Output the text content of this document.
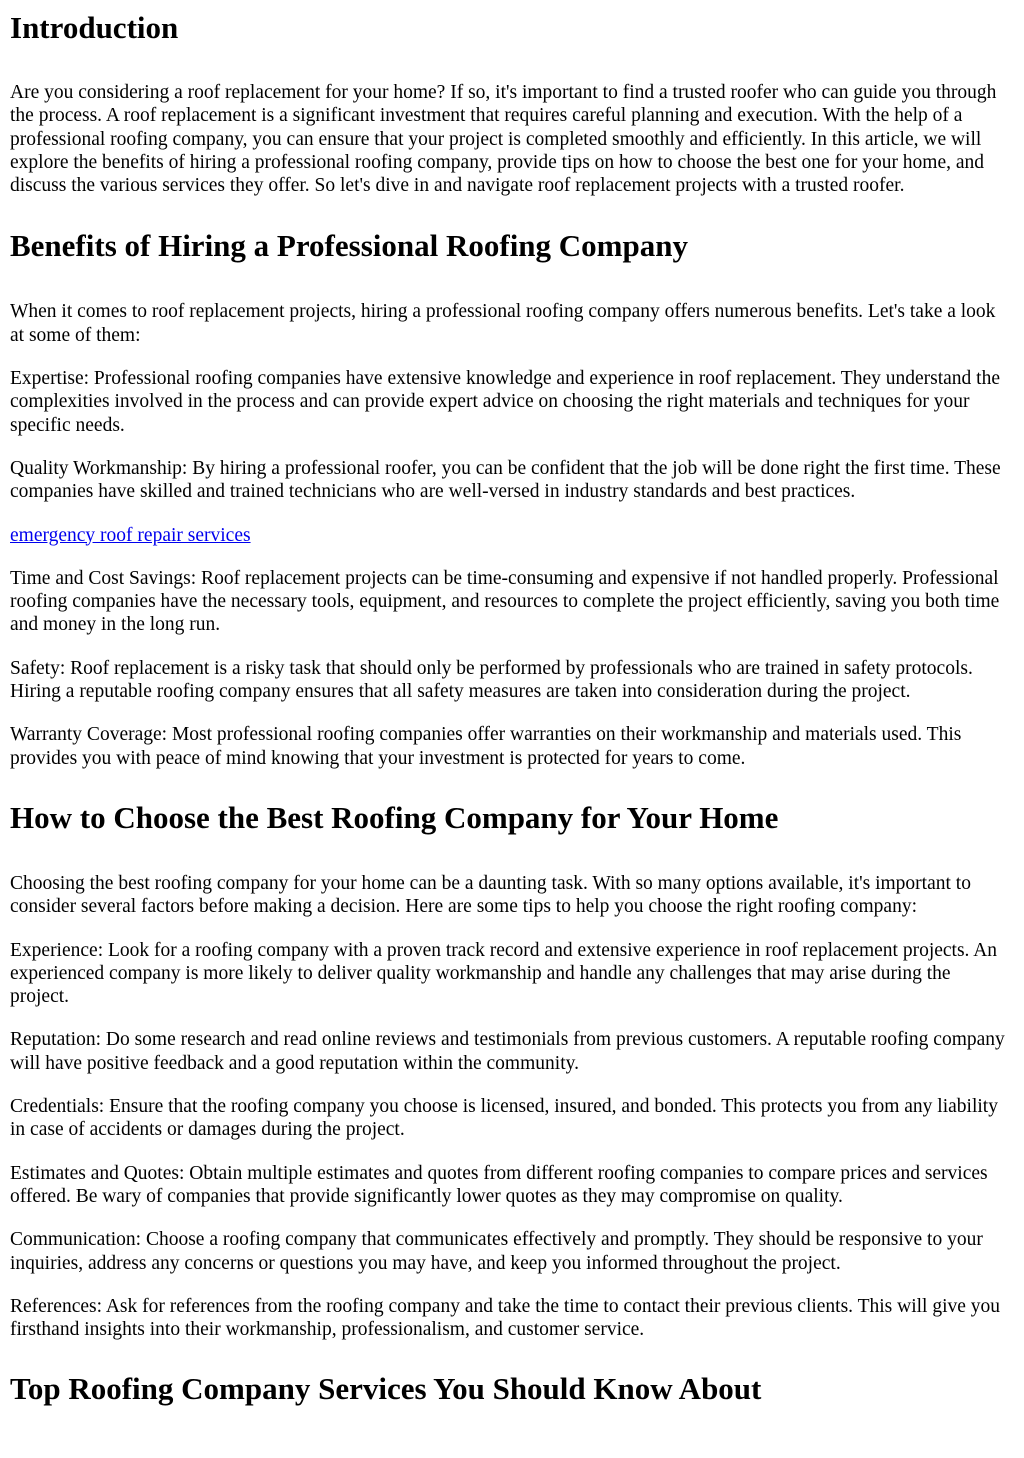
Introduction

Are you considering a roof replacement for your home? If so, it's important to find a trusted roofer who can guide you through the process. A roof replacement is a significant investment that requires careful planning and execution. With the help of a professional roofing company, you can ensure that your project is completed smoothly and efficiently. In this article, we will explore the benefits of hiring a professional roofing company, provide tips on how to choose the best one for your home, and discuss the various services they offer. So let's dive in and navigate roof replacement projects with a trusted roofer.

Benefits of Hiring a Professional Roofing Company

When it comes to roof replacement projects, hiring a professional roofing company offers numerous benefits. Let's take a look at some of them:

Expertise: Professional roofing companies have extensive knowledge and experience in roof replacement. They understand the complexities involved in the process and can provide expert advice on choosing the right materials and techniques for your specific needs.

Quality Workmanship: By hiring a professional roofer, you can be confident that the job will be done right the first time. These companies have skilled and trained technicians who are well-versed in industry standards and best practices.

emergency roof repair services

Time and Cost Savings: Roof replacement projects can be time-consuming and expensive if not handled properly. Professional roofing companies have the necessary tools, equipment, and resources to complete the project efficiently, saving you both time and money in the long run.

Safety: Roof replacement is a risky task that should only be performed by professionals who are trained in safety protocols. Hiring a reputable roofing company ensures that all safety measures are taken into consideration during the project.

Warranty Coverage: Most professional roofing companies offer warranties on their workmanship and materials used. This provides you with peace of mind knowing that your investment is protected for years to come.

How to Choose the Best Roofing Company for Your Home

Choosing the best roofing company for your home can be a daunting task. With so many options available, it's important to consider several factors before making a decision. Here are some tips to help you choose the right roofing company:

Experience: Look for a roofing company with a proven track record and extensive experience in roof replacement projects. An experienced company is more likely to deliver quality workmanship and handle any challenges that may arise during the project.

Reputation: Do some research and read online reviews and testimonials from previous customers. A reputable roofing company will have positive feedback and a good reputation within the community.

Credentials: Ensure that the roofing company you choose is licensed, insured, and bonded. This protects you from any liability in case of accidents or damages during the project.

Estimates and Quotes: Obtain multiple estimates and quotes from different roofing companies to compare prices and services offered. Be wary of companies that provide significantly lower quotes as they may compromise on quality.

Communication: Choose a roofing company that communicates effectively and promptly. They should be responsive to your inquiries, address any concerns or questions you may have, and keep you informed throughout the project.

References: Ask for references from the roofing company and take the time to contact their previous clients. This will give you firsthand insights into their workmanship, professionalism, and customer service.

Top Roofing Company Services You Should Know About
